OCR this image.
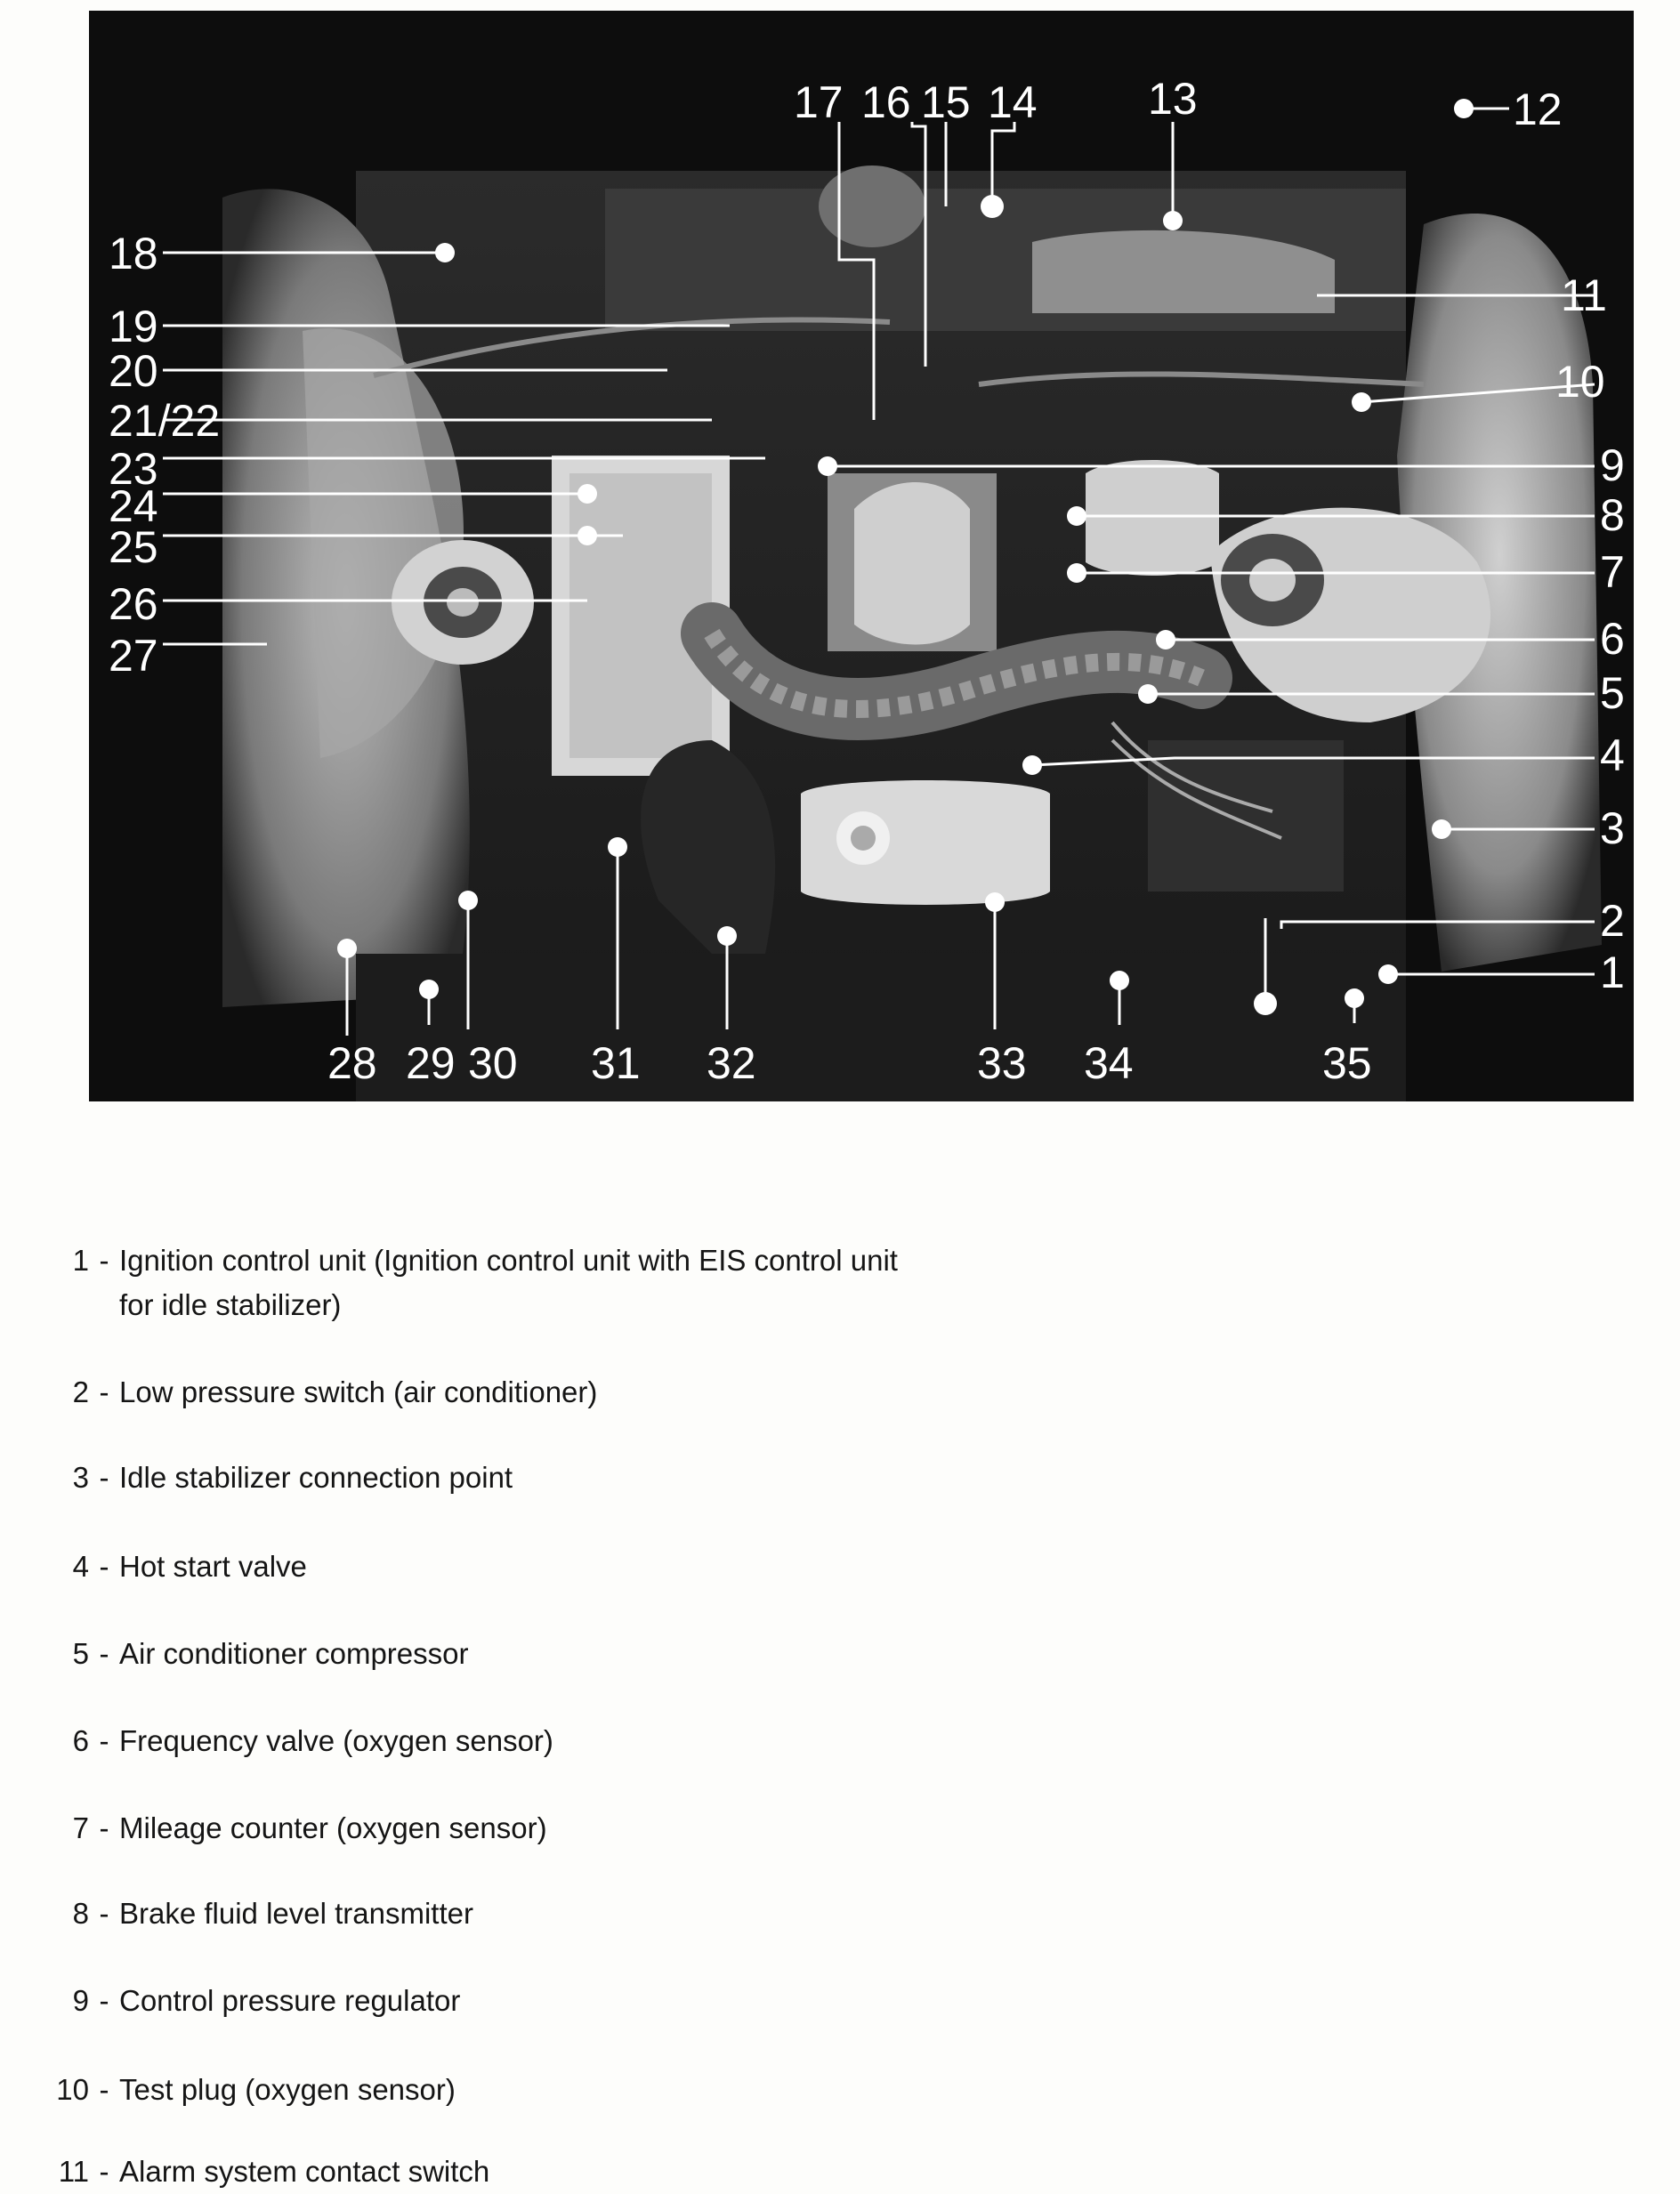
1
2
3
4
5
6
7
8
9
10
11
12
13
14
15
16
17
18
19
20
21/22
23
24
25
26
27
28 29 30 31 32	33 34	35
1 - Ignition control unit (Ignition control unit with EIS control unit for idle stabilizer)
2 - Low pressure switch (air conditioner)
3 - Idle stabilizer connection point
4 - Hot start valve
5 - Air conditioner compressor
6 - Frequency valve (oxygen sensor)
7 - Mileage counter (oxygen sensor)
8 - Brake fluid level transmitter
9 - Control pressure regulator
10 - Test plug (oxygen sensor)
11 - Alarm system contact switch
